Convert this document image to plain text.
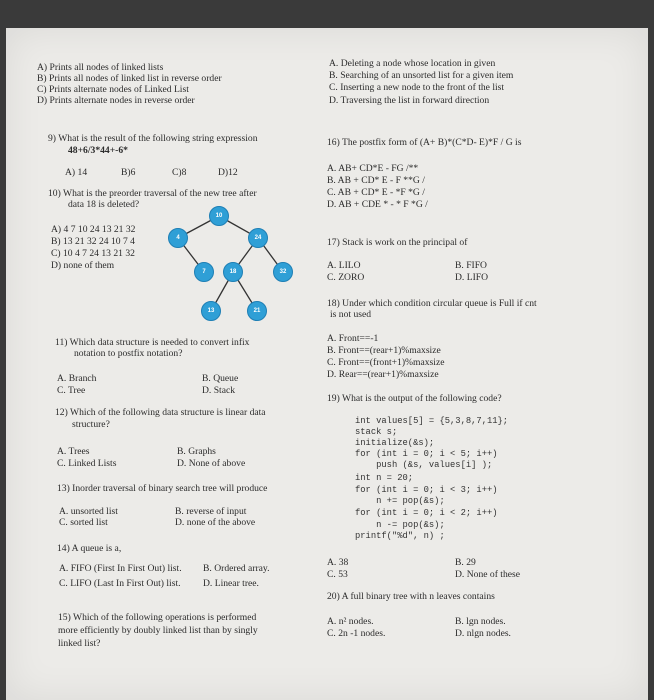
A) Prints all nodes of linked lists
B) Prints all nodes of linked list in reverse order
C) Prints alternate nodes of Linked List
D) Prints alternate nodes in reverse order
9) What is the result of the following string expression
48+6/3*44+-6*
A) 14	B)6	C)8	D)12
10) What is the preorder traversal of the new tree after
data 18 is deleted?
A) 4 7 10 24 13 21 32
B) 13 21 32 24 10 7 4
C) 10 4 7 24 13 21 32
D) none of them
10
4	24
7	18	32
13	21
11) Which data structure is needed to convert infix
notation to postfix notation?
A. Branch	B. Queue
C. Tree	D. Stack
12) Which of the following data structure is linear data
structure?
A. Trees	B. Graphs
C. Linked Lists	D. None of above
13) Inorder traversal of binary search tree will produce
A. unsorted list	B. reverse of input
C. sorted list	D. none of the above
14) A queue is a,
A. FIFO (First In First Out) list. B. Ordered array.
C. LIFO (Last In First Out) list. D. Linear tree.
15) Which of the following operations is performed
more efficiently by doubly linked list than by singly
linked list?
A. Deleting a node whose location in given
B. Searching of an unsorted list for a given item
C. Inserting a new node to the front of the list
D. Traversing the list in forward direction
16) The postfix form of (A+ B)*(C*D- E)*F / G is
A. AB+ CD*E - FG /**
B. AB + CD* E - F **G /
C. AB + CD* E - *F *G /
D. AB + CDE * - * F *G /
17) Stack is work on the principal of
A. LILO	B. FIFO
C. ZORO	D. LIFO
18) Under which condition circular queue is Full if cnt
is not used
A. Front==-1
B. Front==(rear+1)%maxsize
C. Front==(front+1)%maxsize
D. Rear==(rear+1)%maxsize
19) What is the output of the following code?
int values[5] = {5,3,8,7,11};
stack s;
initialize(&s);
for (int i = 0; i < 5; i++)
push (&s, values[i] );
int n = 20;
for (int i = 0; i < 3; i++)
n += pop(&s);
for (int i = 0; i < 2; i++)
n -= pop(&s);
printf("%d", n) ;
A. 38	B. 29
C. 53	D. None of these
20) A full binary tree with n leaves contains
A. n² nodes.	B. lgn nodes.
C. 2n -1 nodes.	D. nlgn nodes.
